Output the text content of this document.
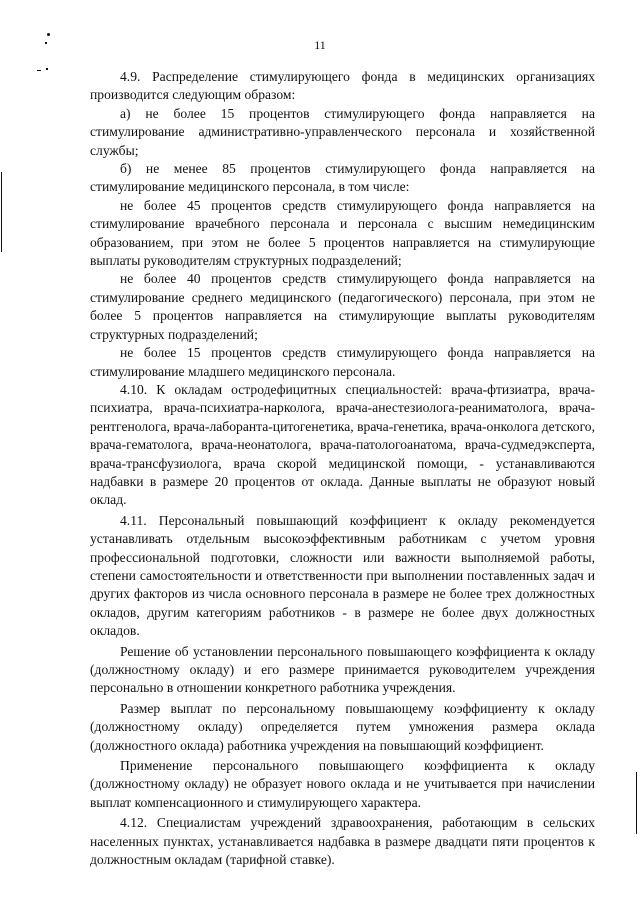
11

4.9. Распределение стимулирующего фонда в медицинских организациях производится следующим образом:

а) не более 15 процентов стимулирующего фонда направляется на стимулирование административно-управленческого персонала и хозяйственной службы;

б) не менее 85 процентов стимулирующего фонда направляется на стимулирование медицинского персонала, в том числе:

не более 45 процентов средств стимулирующего фонда направляется на стимулирование врачебного персонала и персонала с высшим немедицинским образованием, при этом не более 5 процентов направляется на стимулирующие выплаты руководителям структурных подразделений;

не более 40 процентов средств стимулирующего фонда направляется на стимулирование среднего медицинского (педагогического) персонала, при этом не более 5 процентов направляется на стимулирующие выплаты руководителям структурных подразделений;

не более 15 процентов средств стимулирующего фонда направляется на стимулирование младшего медицинского персонала.

4.10. К окладам остродефицитных специальностей: врача-фтизиатра, врача-психиатра, врача-психиатра-нарколога, врача-анестезиолога-реаниматолога, врача-рентгенолога, врача-лаборанта-цитогенетика, врача-генетика, врача-онколога детского, врача-гематолога, врача-неонатолога, врача-патологоанатома, врача-судмедэксперта, врача-трансфузиолога, врача скорой медицинской помощи, - устанавливаются надбавки в размере 20 процентов от оклада. Данные выплаты не образуют новый оклад.

4.11. Персональный повышающий коэффициент к окладу рекомендуется устанавливать отдельным высокоэффективным работникам с учетом уровня профессиональной подготовки, сложности или важности выполняемой работы, степени самостоятельности и ответственности при выполнении поставленных задач и других факторов из числа основного персонала в размере не более трех должностных окладов, другим категориям работников - в размере не более двух должностных окладов.

Решение об установлении персонального повышающего коэффициента к окладу (должностному окладу) и его размере принимается руководителем учреждения персонально в отношении конкретного работника учреждения.

Размер выплат по персональному повышающему коэффициенту к окладу (должностному окладу) определяется путем умножения размера оклада (должностного оклада) работника учреждения на повышающий коэффициент.

Применение персонального повышающего коэффициента к окладу (должностному окладу) не образует нового оклада и не учитывается при начислении выплат компенсационного и стимулирующего характера.

4.12. Специалистам учреждений здравоохранения, работающим в сельских населенных пунктах, устанавливается надбавка в размере двадцати пяти процентов к должностным окладам (тарифной ставке).
